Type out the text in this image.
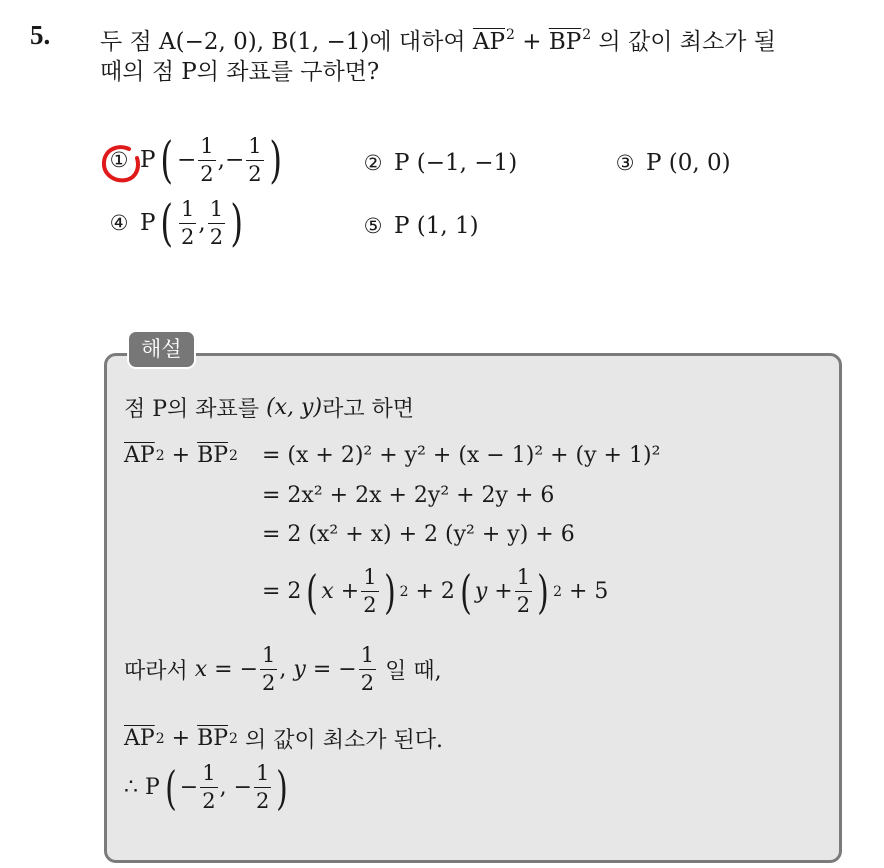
5. 두 점 A(−2, 0), B(1, −1)에 대하여 $\overline{AP}^2 + \overline{BP}^2$ 의 값이 최소가 될
때의 점 P의 좌표를 구하면?
① P ( − $\frac{1}{2}$ , − $\frac{1}{2}$ )	② P (−1, −1)	③ P (0, 0)
④ P ( $\frac{1}{2}$ , $\frac{1}{2}$ )	⑤ P (1, 1)
해설
점 P의 좌표를
(x, y) 라고 하면
$\overline{AP}$ 2
+
$\overline{BP}$ 2 = (x + 2)² + y² + (x − 1)² + (y + 1)²
= 2x² + 2x + 2y² + 2y + 6
= 2 (x² + x) + 2 (y² + y) + 6
= 2 ( $x + \frac{1}{2}$ ) 2
+ 2 ( $y + \frac{1}{2}$ ) 2
+ 5
따라서
x = − $\frac{1}{2}$ ,
y = − $\frac{1}{2}$
일 때,
$\overline{AP}$ 2
+
$\overline{BP}$ 2
의 값이 최소가 된다.
∴ P ( − $\frac{1}{2}$ ,
− $\frac{1}{2}$ )
